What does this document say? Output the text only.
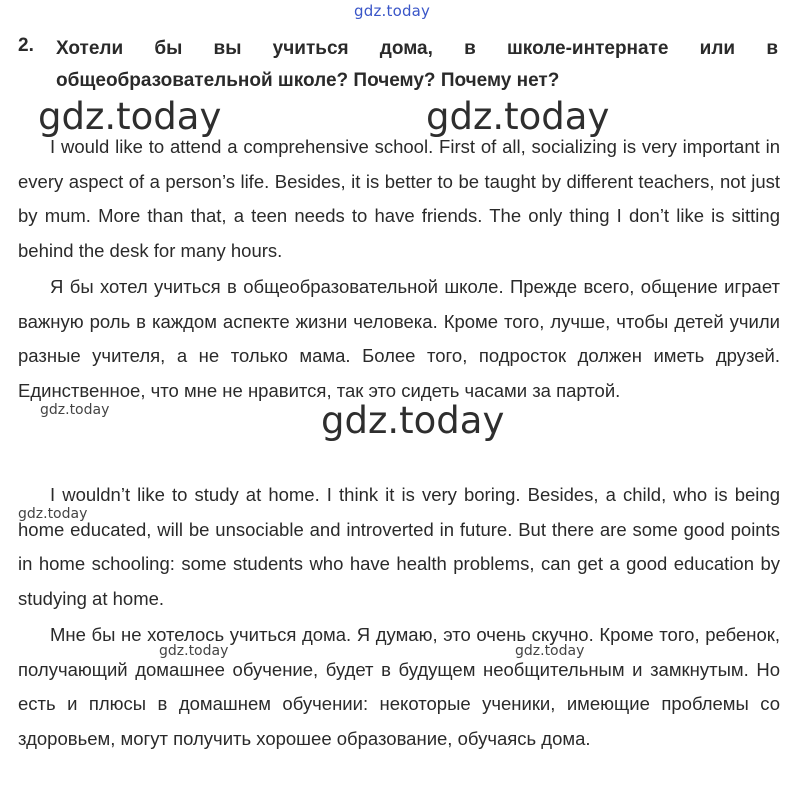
gdz.today
2. Хотели бы вы учиться дома, в школе-интернате или в общеобразовательной школе? Почему? Почему нет?

I would like to attend a comprehensive school. First of all, socializing is very important in every aspect of a person’s life. Besides, it is better to be taught by different teachers, not just by mum. More than that, a teen needs to have friends. The only thing I don’t like is sitting behind the desk for many hours.

Я бы хотел учиться в общеобразовательной школе. Прежде всего, общение играет важную роль в каждом аспекте жизни человека. Кроме того, лучше, чтобы детей учили разные учителя, а не только мама. Более того, подросток должен иметь друзей. Единственное, что мне не нравится, так это сидеть часами за партой.

I wouldn’t like to study at home. I think it is very boring. Besides, a child, who is being home educated, will be unsociable and introverted in future. But there are some good points in home schooling: some students who have health problems, can get a good education by studying at home.

Мне бы не хотелось учиться дома. Я думаю, это очень скучно. Кроме того, ребенок, получающий домашнее обучение, будет в будущем необщительным и замкнутым. Но есть и плюсы в домашнем обучении: некоторые ученики, имеющие проблемы со здоровьем, могут получить хорошее образование, обучаясь дома.

gdz.today	gdz.today
gdz.today
gdz.today
gdz.today
gdz.today	gdz.today
